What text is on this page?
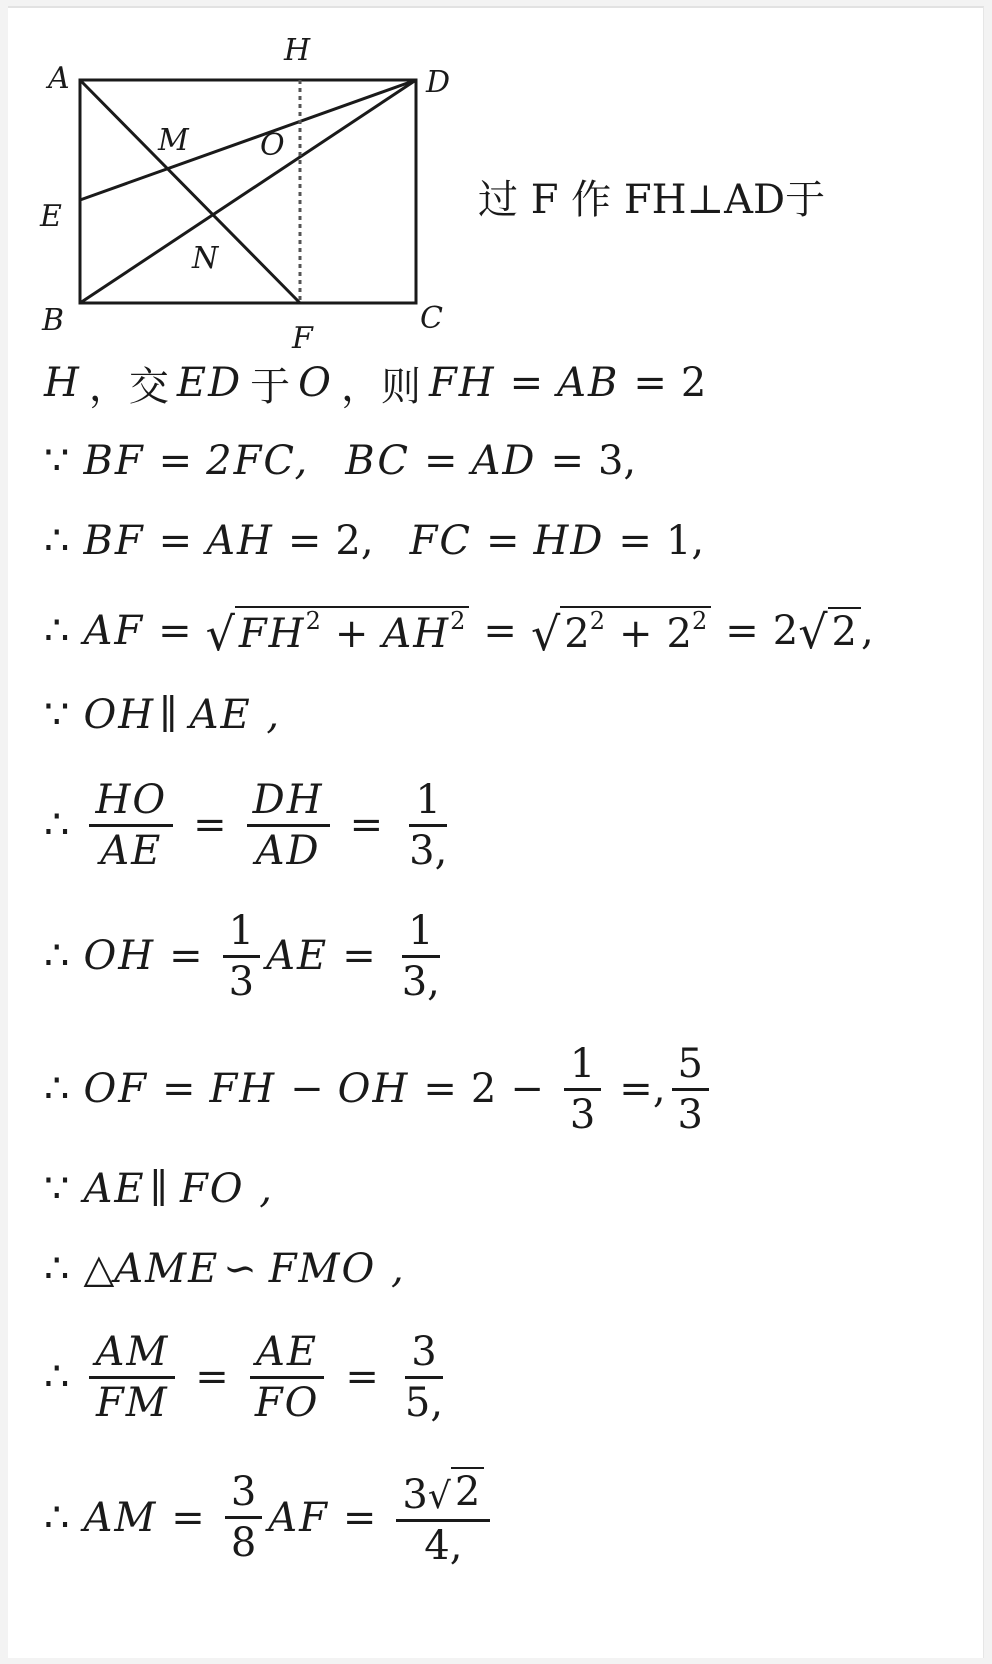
A
H
D
M O
E
N
B	C
F
过 F 作 FH⊥AD于
H ，交 ED 于 O ，则 FH = AB = 2
∵ BF = 2FC, BC = AD = 3,
∴ BF = AH = 2, FC = HD = 1,
∴ AF = √ $FH^2 + AH^2$ = √ $2^2 + 2^2 = 2$ √ 2 ,
∵ OH ∥ AE ,
∴ $\frac{HO}{AE} = \frac{DH}{AD} = \frac{1}{3,}$
∴ OH = $\frac{1}{3}$ AE = $\frac{1}{3,}$
∴ OF = FH − OH = $2 - \frac{1}{3}$ =, $\frac{5}{3}$
∵ AE ∥ FO ,
∴ △ AME ∽ FMO ,
∴ $\frac{AM}{FM} = \frac{AE}{FO} = \frac{3}{5,}$
∴ AM = $\frac{3}{8}$ AF = $\frac{3 √ 2}{4,}$
